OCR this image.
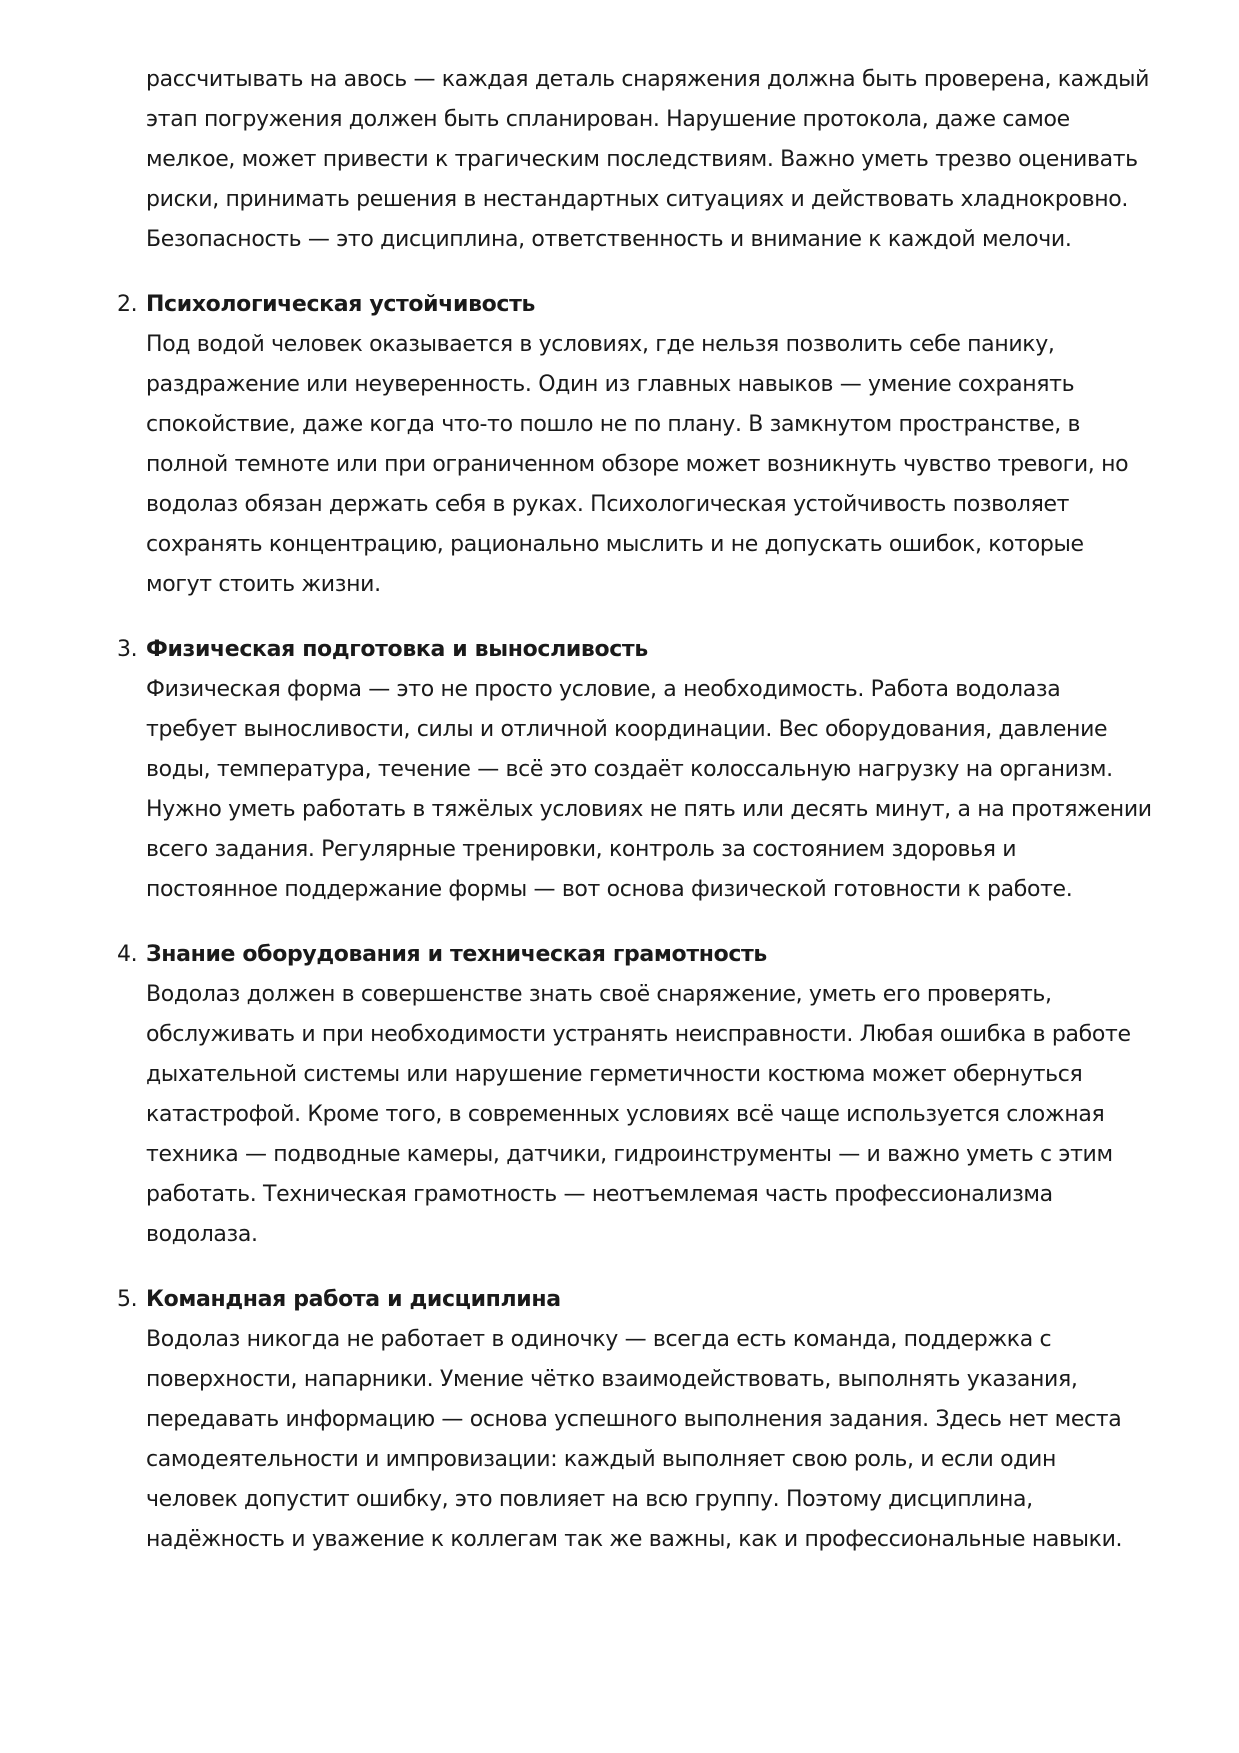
рассчитывать на авось — каждая деталь снаряжения должна быть проверена, каждый
этап погружения должен быть спланирован. Нарушение протокола, даже самое
мелкое, может привести к трагическим последствиям. Важно уметь трезво оценивать
риски, принимать решения в нестандартных ситуациях и действовать хладнокровно.
Безопасность — это дисциплина, ответственность и внимание к каждой мелочи.

2. Психологическая устойчивость

Под водой человек оказывается в условиях, где нельзя позволить себе панику,
раздражение или неуверенность. Один из главных навыков — умение сохранять
спокойствие, даже когда что-то пошло не по плану. В замкнутом пространстве, в
полной темноте или при ограниченном обзоре может возникнуть чувство тревоги, но
водолаз обязан держать себя в руках. Психологическая устойчивость позволяет
сохранять концентрацию, рационально мыслить и не допускать ошибок, которые
могут стоить жизни.

3. Физическая подготовка и выносливость

Физическая форма — это не просто условие, а необходимость. Работа водолаза
требует выносливости, силы и отличной координации. Вес оборудования, давление
воды, температура, течение — всё это создаёт колоссальную нагрузку на организм.
Нужно уметь работать в тяжёлых условиях не пять или десять минут, а на протяжении
всего задания. Регулярные тренировки, контроль за состоянием здоровья и
постоянное поддержание формы — вот основа физической готовности к работе.

4. Знание оборудования и техническая грамотность

Водолаз должен в совершенстве знать своё снаряжение, уметь его проверять,
обслуживать и при необходимости устранять неисправности. Любая ошибка в работе
дыхательной системы или нарушение герметичности костюма может обернуться
катастрофой. Кроме того, в современных условиях всё чаще используется сложная
техника — подводные камеры, датчики, гидроинструменты — и важно уметь с этим
работать. Техническая грамотность — неотъемлемая часть профессионализма
водолаза.

5. Командная работа и дисциплина

Водолаз никогда не работает в одиночку — всегда есть команда, поддержка с
поверхности, напарники. Умение чётко взаимодействовать, выполнять указания,
передавать информацию — основа успешного выполнения задания. Здесь нет места
самодеятельности и импровизации: каждый выполняет свою роль, и если один
человек допустит ошибку, это повлияет на всю группу. Поэтому дисциплина,
надёжность и уважение к коллегам так же важны, как и профессиональные навыки.
